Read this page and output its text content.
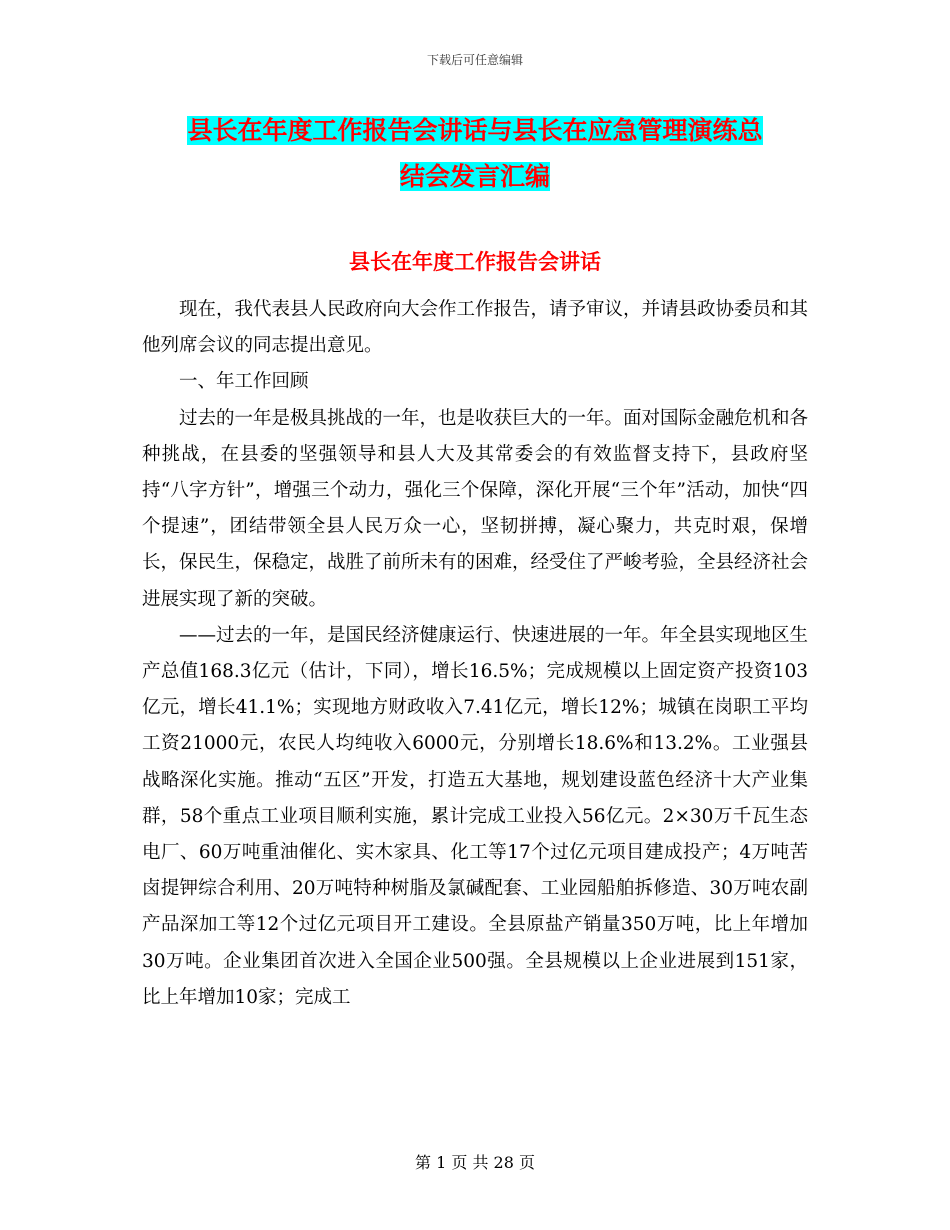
下载后可任意编辑
县长在年度工作报告会讲话与县长在应急管理演练总
结会发言汇编
县长在年度工作报告会讲话

现在，我代表县人民政府向大会作工作报告，请予审议，并请县政协委员和其他列席会议的同志提出意见。

一、年工作回顾

过去的一年是极具挑战的一年，也是收获巨大的一年。面对国际金融危机和各种挑战，在县委的坚强领导和县人大及其常委会的有效监督支持下，县政府坚持“八字方针”，增强三个动力，强化三个保障，深化开展“三个年”活动，加快“四个提速”，团结带领全县人民万众一心，坚韧拼搏，凝心聚力，共克时艰，保增长，保民生，保稳定，战胜了前所未有的困难，经受住了严峻考验，全县经济社会进展实现了新的突破。

——过去的一年，是国民经济健康运行、快速进展的一年。年全县实现地区生产总值168.3亿元（估计，下同），增长16.5%；完成规模以上固定资产投资103亿元，增长41.1%；实现地方财政收入7.41亿元，增长12%；城镇在岗职工平均工资21000元，农民人均纯收入6000元，分别增长18.6%和13.2%。工业强县战略深化实施。推动“五区”开发，打造五大基地，规划建设蓝色经济十大产业集群，58个重点工业项目顺利实施，累计完成工业投入56亿元。2×30万千瓦生态电厂、60万吨重油催化、实木家具、化工等17个过亿元项目建成投产；4万吨苦卤提钾综合利用、20万吨特种树脂及氯碱配套、工业园船舶拆修造、30万吨农副产品深加工等12个过亿元项目开工建设。全县原盐产销量350万吨，比上年增加30万吨。企业集团首次进入全国企业500强。全县规模以上企业进展到151家，比上年增加10家；完成工

第 1 页 共 28 页
